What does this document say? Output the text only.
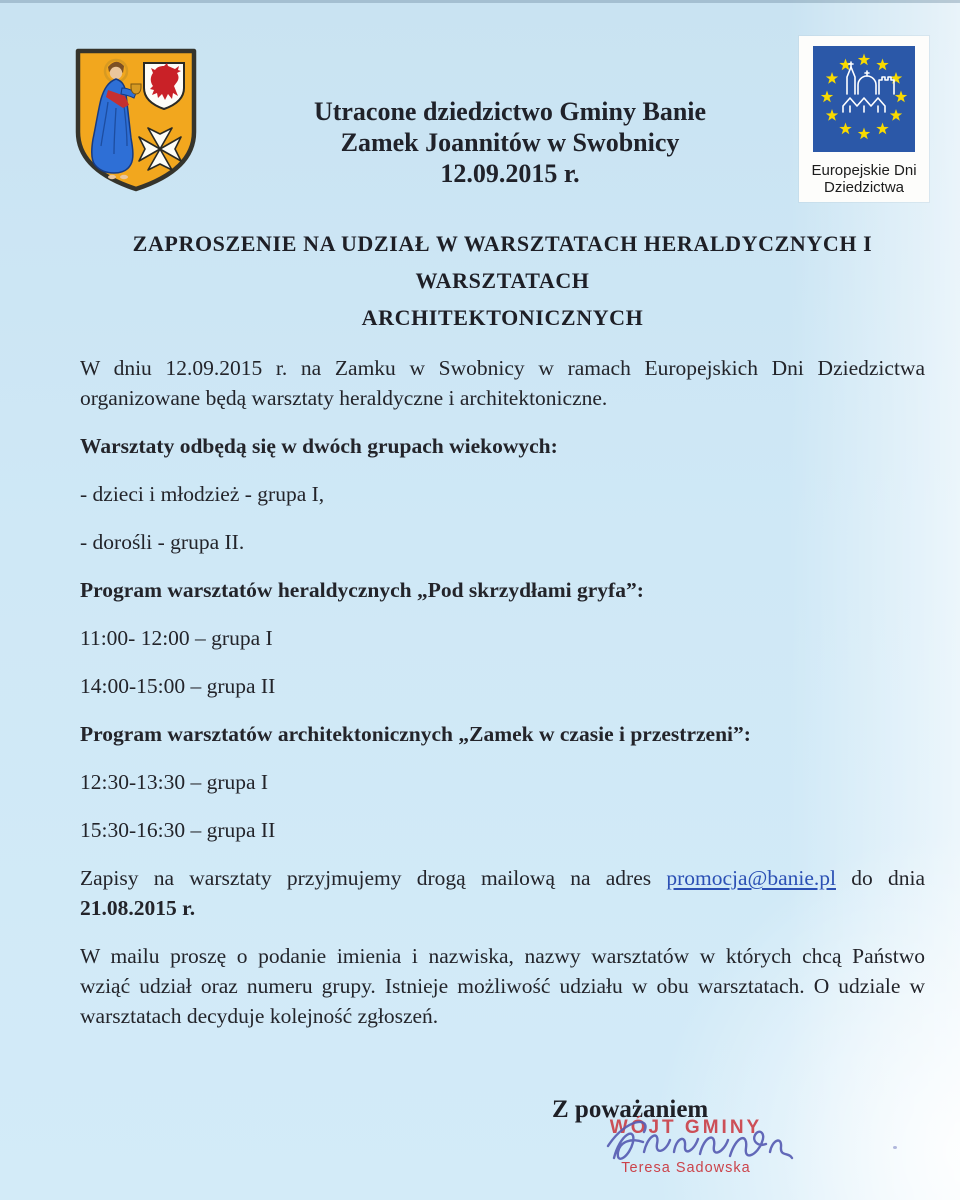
Utracone dziedzictwo Gminy Banie
Zamek Joannitów w Swobnicy
12.09.2015 r.	Europejskie Dni
Dziedzictwa
ZAPROSZENIE NA UDZIAŁ W WARSZTATACH HERALDYCZNYCH I WARSZTATACH
ARCHITEKTONICZNYCH

W dniu 12.09.2015 r. na Zamku w Swobnicy w ramach Europejskich Dni Dziedzictwa
organizowane będą warsztaty heraldyczne i architektoniczne.

Warsztaty odbędą się w dwóch grupach wiekowych:

- dzieci i młodzież - grupa I,

- dorośli - grupa II.

Program warsztatów heraldycznych „Pod skrzydłami gryfa”:

11:00- 12:00 – grupa I

14:00-15:00 – grupa II

Program warsztatów architektonicznych „Zamek w czasie i przestrzeni”:

12:30-13:30 – grupa I

15:30-16:30 – grupa II

Zapisy na warsztaty przyjmujemy drogą mailową na adres promocja@banie.pl do dnia
21.08.2015 r.

W mailu proszę o podanie imienia i nazwiska, nazwy warsztatów w których chcą Państwo
wziąć udział oraz numeru grupy. Istnieje możliwość udziału w obu warsztatach. O udziale w
warsztatach decyduje kolejność zgłoszeń.

Z poważaniem
WÓJT GMINY
Teresa Sadowska
